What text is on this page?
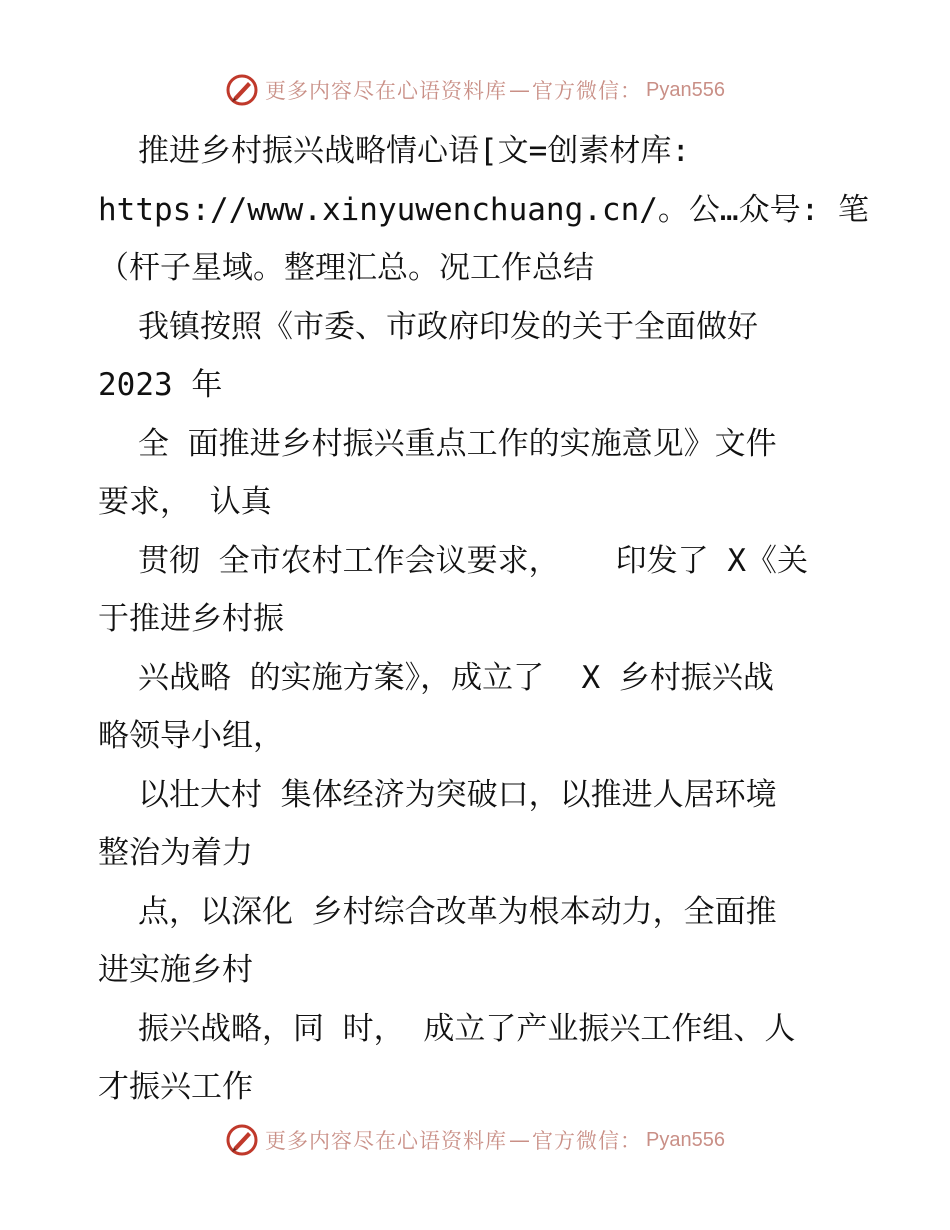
更多内容尽在心语资料库 — 官方微信： Pyan556
推进乡村振兴战略情心语[文=创素材库:
https://www.xinyuwenchuang.cn/。公…众号: 笔
（杆子星域。整理汇总。况工作总结
我镇按照《市委、市政府印发的关于全面做好
2023 年
全 面推进乡村振兴重点工作的实施意见》文件
要求， 认真
贯彻 全市农村工作会议要求，   印发了 X《关
于推进乡村振
兴战略 的实施方案》，成立了  X 乡村振兴战
略领导小组，
以壮大村 集体经济为突破口，以推进人居环境
整治为着力
点，以深化 乡村综合改革为根本动力，全面推
进实施乡村
振兴战略，同 时， 成立了产业振兴工作组、人
才振兴工作
更多内容尽在心语资料库 — 官方微信： Pyan556
